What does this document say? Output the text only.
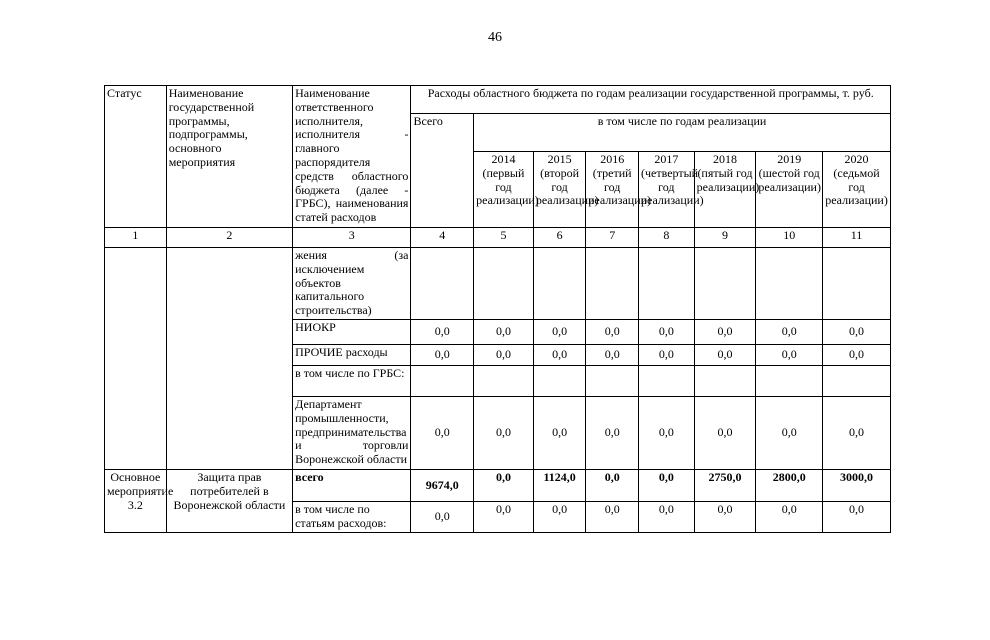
46
Статус	Наименование государственной программы, подпрограммы, основного мероприятия	Наименование ответственного исполнителя, исполнителя - главного распорядителя средств областного бюджета (далее - ГРБС), наименования статей расходов	Расходы областного бюджета по годам реализации государственной программы, т. руб.							
			Всего	в том числе по годам реализации						
				2014 (первый год реализации)	2015 (второй год реализации)	2016 (третий год реализации)	2017 (четвертый год реализации)	2018 (пятый год реализации)	2019 (шестой год реализации)	2020 (седьмой год реализации)
1	2	3	4	5	6	7	8	9	10	11
		жения (за исключением объектов капитального строительства)								
		НИОКР	0,0	0,0	0,0	0,0	0,0	0,0	0,0	0,0
		ПРОЧИЕ расходы	0,0	0,0	0,0	0,0	0,0	0,0	0,0	0,0
		в том числе по ГРБС:								
		Департамент промышленности, предпринимательства и торговли Воронежской области	0,0	0,0	0,0	0,0	0,0	0,0	0,0	0,0
Основное мероприятие 3.2	Защита прав потребителей в Воронежской области	всего	9674,0	0,0	1124,0	0,0	0,0	2750,0	2800,0	3000,0
		в том числе по статьям расходов:	0,0	0,0	0,0	0,0	0,0	0,0	0,0	0,0
